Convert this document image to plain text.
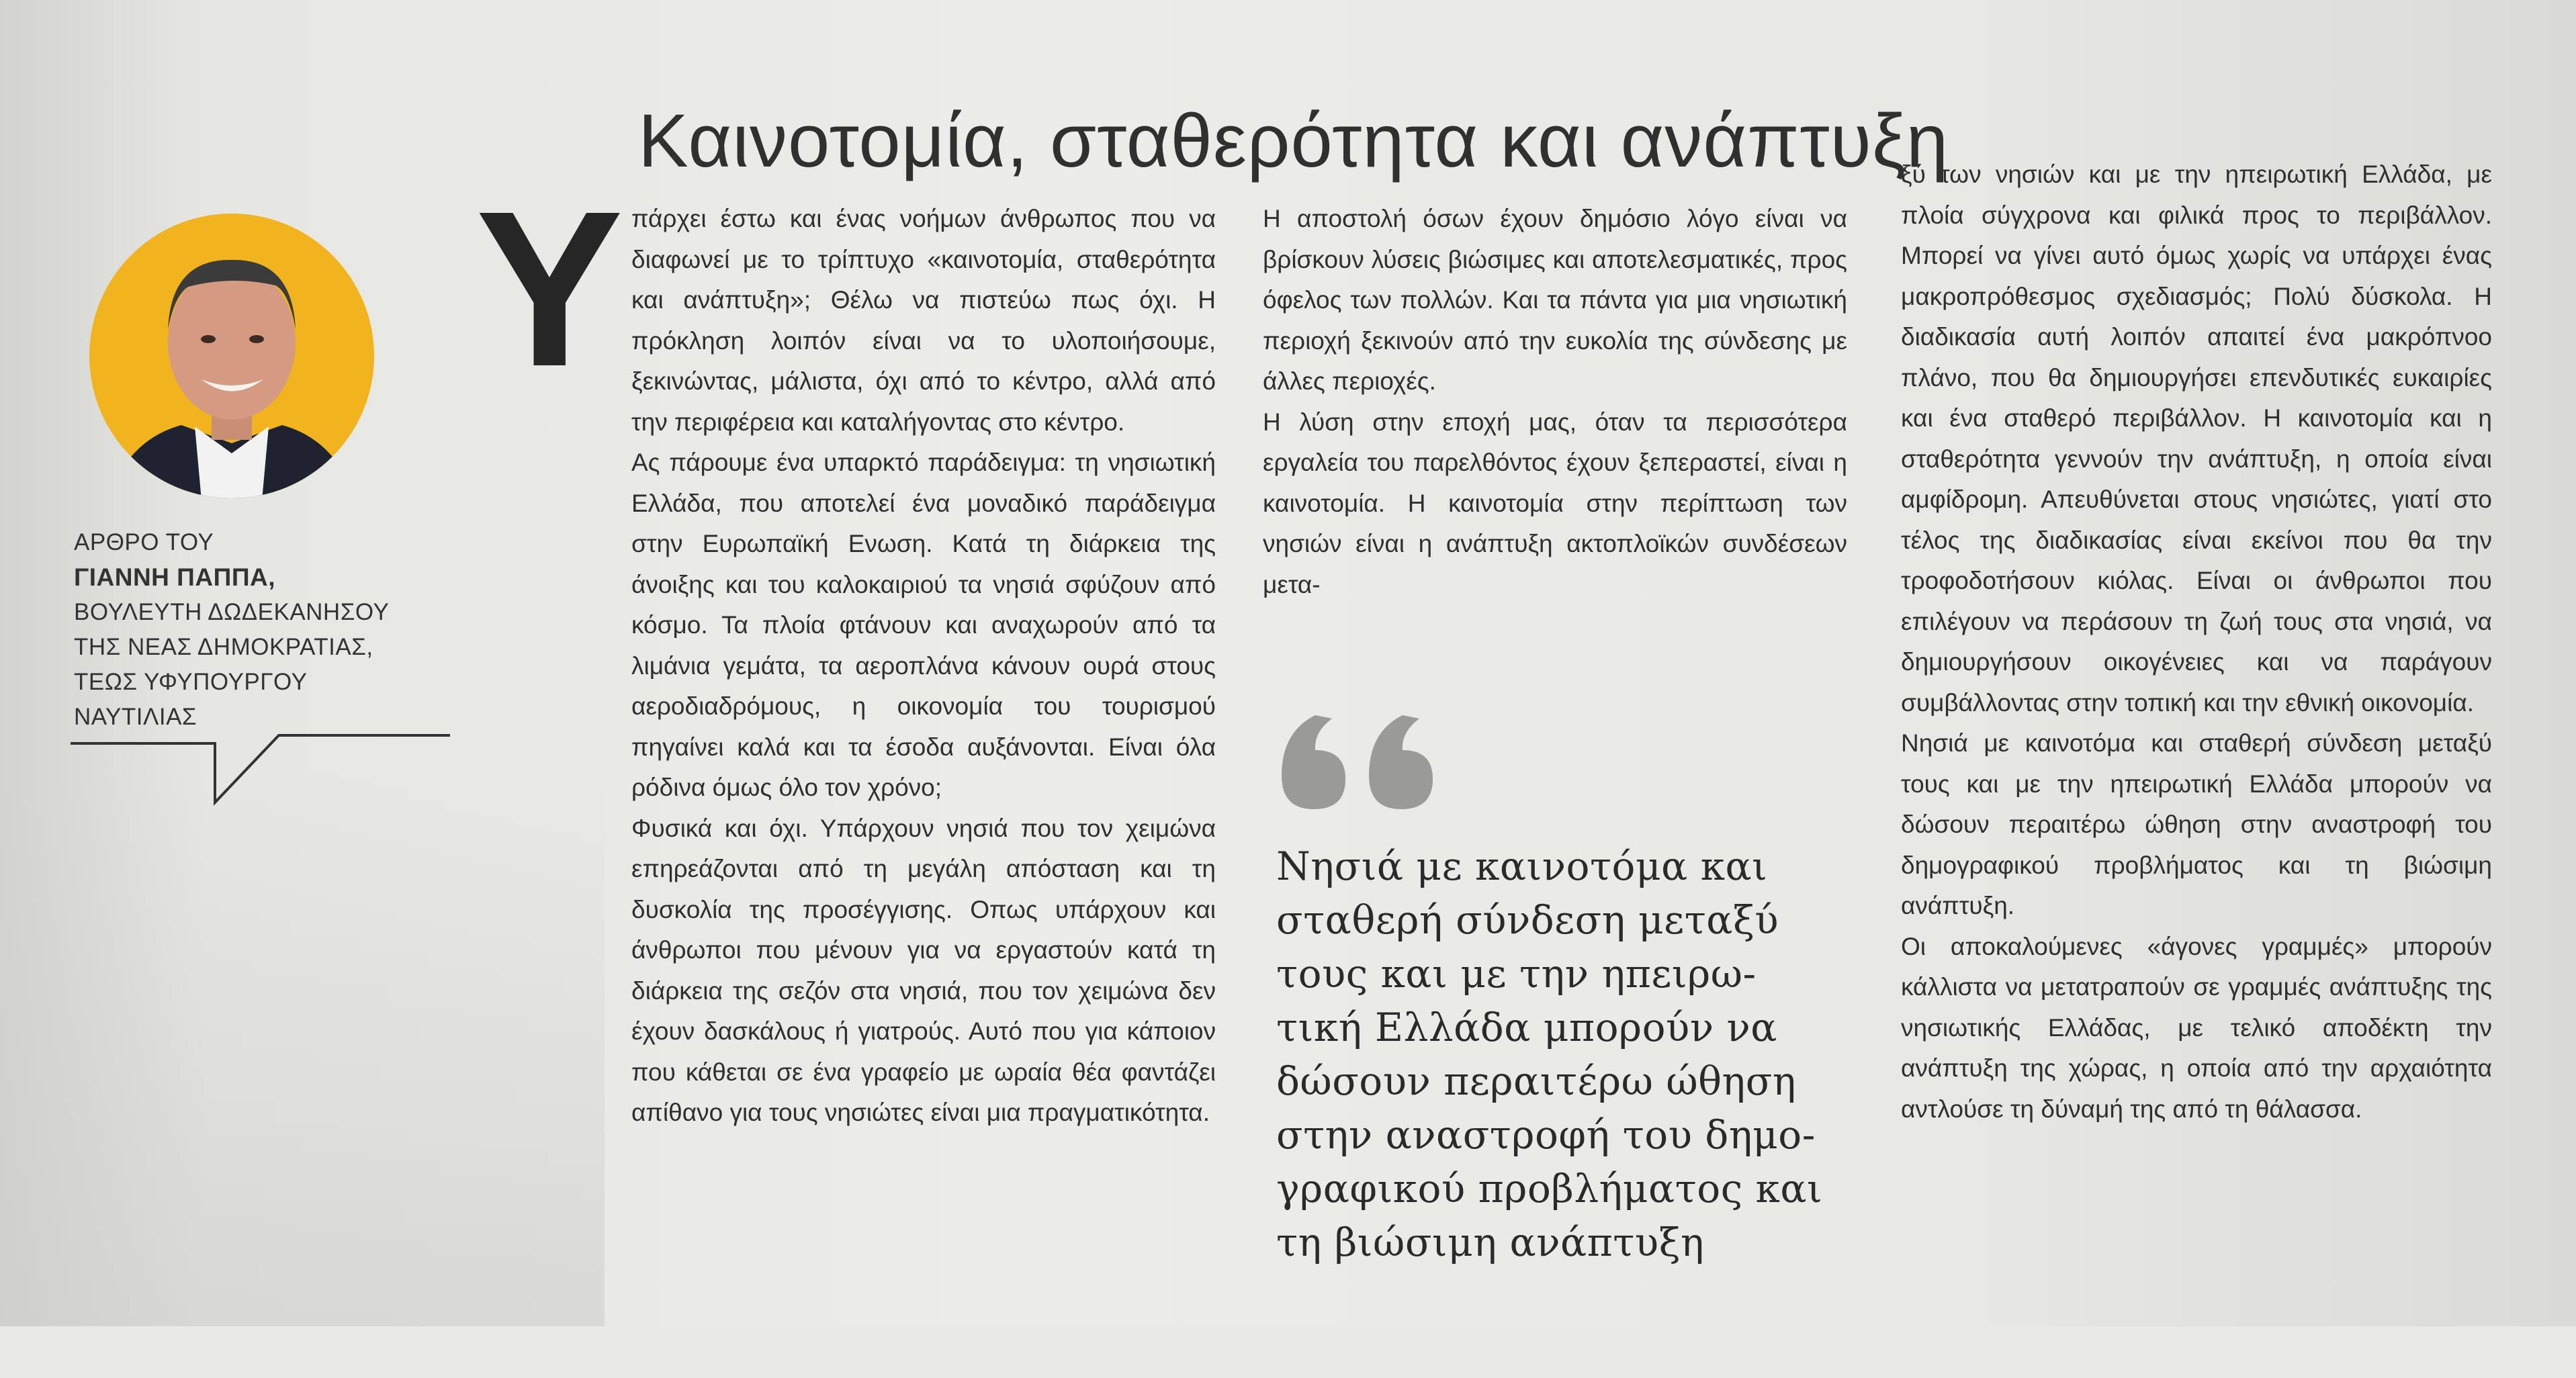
Καινοτομία, σταθερότητα και ανάπτυξη
ΑΡΘΡΟ ΤΟΥ
ΓΙΑΝΝΗ ΠΑΠΠΑ,
ΒΟΥΛΕΥΤΗ ΔΩΔΕΚΑΝΗΣΟΥ
ΤΗΣ ΝΕΑΣ ΔΗΜΟΚΡΑΤΙΑΣ,
ΤΕΩΣ ΥΦΥΠΟΥΡΓΟΥ
ΝΑΥΤΙΛΙΑΣ
Υ πάρχει έστω και ένας νοήμων άνθρωπος που να διαφωνεί με το τρίπτυχο «καινοτομία, σταθερότητα και ανάπτυξη»; Θέλω να πιστεύω πως όχι. Η πρόκληση λοιπόν είναι να το υλοποιήσουμε, ξεκινώντας, μάλιστα, όχι από το κέντρο, αλλά από την περιφέρεια και καταλήγοντας στο κέντρο.

Ας πάρουμε ένα υπαρκτό παράδειγμα: τη νησιωτική Ελλάδα, που αποτελεί ένα μοναδικό παράδειγμα στην Ευρωπαϊκή Ενωση. Κατά τη διάρκεια της άνοιξης και του καλοκαιριού τα νησιά σφύζουν από κόσμο. Τα πλοία φτάνουν και αναχωρούν από τα λιμάνια γεμάτα, τα αεροπλάνα κάνουν ουρά στους αεροδιαδρόμους, η οικονομία του τουρισμού πηγαίνει καλά και τα έσοδα αυξάνονται. Είναι όλα ρόδινα όμως όλο τον χρόνο;

Φυσικά και όχι. Υπάρχουν νησιά που τον χειμώνα επηρεάζονται από τη μεγάλη απόσταση και τη δυσκολία της προσέγγισης. Οπως υπάρχουν και άνθρωποι που μένουν για να εργαστούν κατά τη διάρκεια της σεζόν στα νησιά, που τον χειμώνα δεν έχουν δασκάλους ή γιατρούς. Αυτό που για κάποιον που κάθεται σε ένα γραφείο με ωραία θέα φαντάζει απίθανο για τους νησιώτες είναι μια πραγματικότητα.

Η αποστολή όσων έχουν δημόσιο λόγο είναι να βρίσκουν λύσεις βιώσιμες και αποτελεσματικές, προς όφελος των πολλών. Και τα πάντα για μια νησιωτική περιοχή ξεκινούν από την ευκολία της σύνδεσης με άλλες περιοχές.

Η λύση στην εποχή μας, όταν τα περισσότερα εργαλεία του παρελθόντος έχουν ξεπεραστεί, είναι η καινοτομία. Η καινοτομία στην περίπτωση των νησιών είναι η ανάπτυξη ακτοπλοϊκών συνδέσεων μετα-

Νησιά με καινοτόμα και

σταθερή σύνδεση μεταξύ

τους και με την ηπειρω-

τική Ελλάδα μπορούν να

δώσουν περαιτέρω ώθηση

στην αναστροφή του δημο-

γραφικού προβλήματος και

τη βιώσιμη ανάπτυξη

ξύ των νησιών και με την ηπειρωτική Ελλάδα, με πλοία σύγχρονα και φιλικά προς το περιβάλλον. Μπορεί να γίνει αυτό όμως χωρίς να υπάρχει ένας μακροπρόθεσμος σχεδιασμός; Πολύ δύσκολα. Η διαδικασία αυτή λοιπόν απαιτεί ένα μακρόπνοο πλάνο, που θα δημιουργήσει επενδυτικές ευκαιρίες και ένα σταθερό περιβάλλον. Η καινοτομία και η σταθερότητα γεννούν την ανάπτυξη, η οποία είναι αμφίδρομη. Απευθύνεται στους νησιώτες, γιατί στο τέλος της διαδικασίας είναι εκείνοι που θα την τροφοδοτήσουν κιόλας. Είναι οι άνθρωποι που επιλέγουν να περάσουν τη ζωή τους στα νησιά, να δημιουργήσουν οικογένειες και να παράγουν συμβάλλοντας στην τοπική και την εθνική οικονομία.

Νησιά με καινοτόμα και σταθερή σύνδεση μεταξύ τους και με την ηπειρωτική Ελλάδα μπορούν να δώσουν περαιτέρω ώθηση στην αναστροφή του δημογραφικού προβλήματος και τη βιώσιμη ανάπτυξη.

Οι αποκαλούμενες «άγονες γραμμές» μπορούν κάλλιστα να μετατραπούν σε γραμμές ανάπτυξης της νησιωτικής Ελλάδας, με τελικό αποδέκτη την ανάπτυξη της χώρας, η οποία από την αρχαιότητα αντλούσε τη δύναμή της από τη θάλασσα.
